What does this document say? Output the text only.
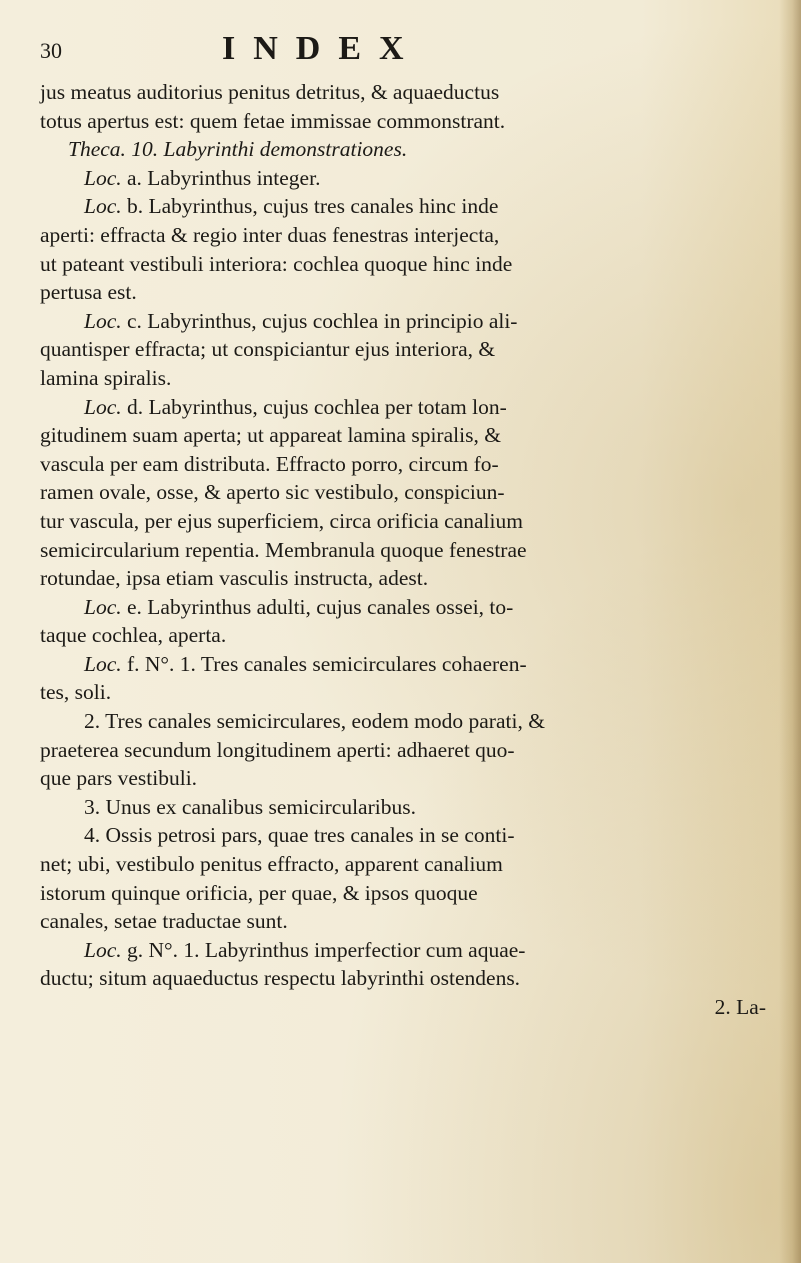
30	INDEX
jus meatus auditorius penitus detritus, & aquaeductus
totus apertus est: quem fetae immissae commonstrant.
Theca. 10. Labyrinthi demonstrationes.
Loc. a. Labyrinthus integer.
Loc. b. Labyrinthus, cujus tres canales hinc inde
aperti: effracta & regio inter duas fenestras interjecta,
ut pateant vestibuli interiora: cochlea quoque hinc inde
pertusa est.
Loc. c. Labyrinthus, cujus cochlea in principio ali-
quantisper effracta; ut conspiciantur ejus interiora, &
lamina spiralis.
Loc. d. Labyrinthus, cujus cochlea per totam lon-
gitudinem suam aperta; ut appareat lamina spiralis, &
vascula per eam distributa. Effracto porro, circum fo-
ramen ovale, osse, & aperto sic vestibulo, conspiciun-
tur vascula, per ejus superficiem, circa orificia canalium
semicircularium repentia. Membranula quoque fenestrae
rotundae, ipsa etiam vasculis instructa, adest.
Loc. e. Labyrinthus adulti, cujus canales ossei, to-
taque cochlea, aperta.
Loc. f. N°. 1. Tres canales semicirculares cohaeren-
tes, soli.
2. Tres canales semicirculares, eodem modo parati, &
praeterea secundum longitudinem aperti: adhaeret quo-
que pars vestibuli.
3. Unus ex canalibus semicircularibus.
4. Ossis petrosi pars, quae tres canales in se conti-
net; ubi, vestibulo penitus effracto, apparent canalium
istorum quinque orificia, per quae, & ipsos quoque
canales, setae traductae sunt.
Loc. g. N°. 1. Labyrinthus imperfectior cum aquae-
ductu; situm aquaeductus respectu labyrinthi ostendens.
2. La-
